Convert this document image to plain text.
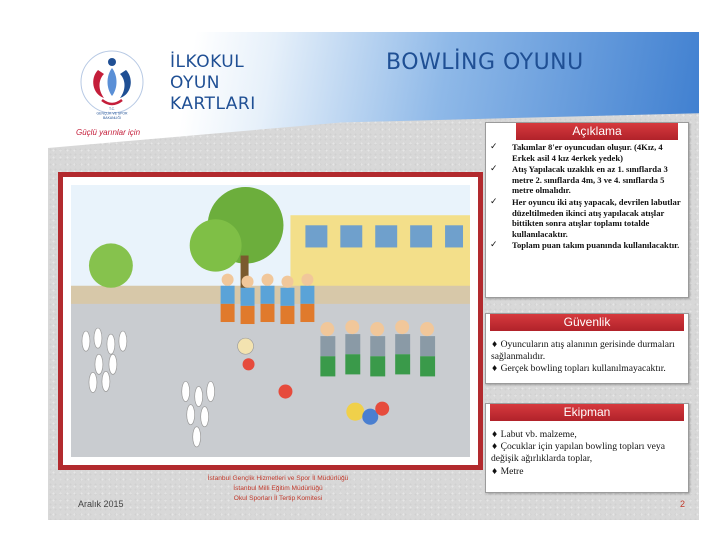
T.C.
GENÇLİK VE SPOR
BAKANLIĞI
Güçlü yarınlar için
İLKOKUL
OYUN
KARTLARI
BOWLİNG OYUNU
Açıklama
✓	Takımlar 8'er oyuncudan oluşur. (4Kız, 4 Erkek asil 4 kız 4erkek yedek)
✓	Atış Yapılacak uzaklık en az 1. sınıflarda 3 metre 2. sınıflarda 4m, 3 ve 4. sınıflarda 5 metre olmalıdır.
✓	Her oyuncu iki atış yapacak, devrilen labutlar düzeltilmeden ikinci atış yapılacak atışlar bittikten sonra atışlar toplamı totalde kullanılacaktır.
✓	Toplam puan takım puanında kullanılacaktır.
Güvenlik
♦ Oyuncuların atış alanının gerisinde durmaları sağlanmalıdır.
♦ Gerçek bowling topları kullanılmayacaktır.
Ekipman
♦ Labut vb. malzeme,
♦ Çocuklar için yapılan bowling topları veya değişik ağırlıklarda toplar,
♦ Metre
Aralık 2015
İstanbul Gençlik Hizmetleri ve Spor İl Müdürlüğü
İstanbul Milli Eğitim Müdürlüğü
Okul Sporları İl Tertip Komitesi
2
